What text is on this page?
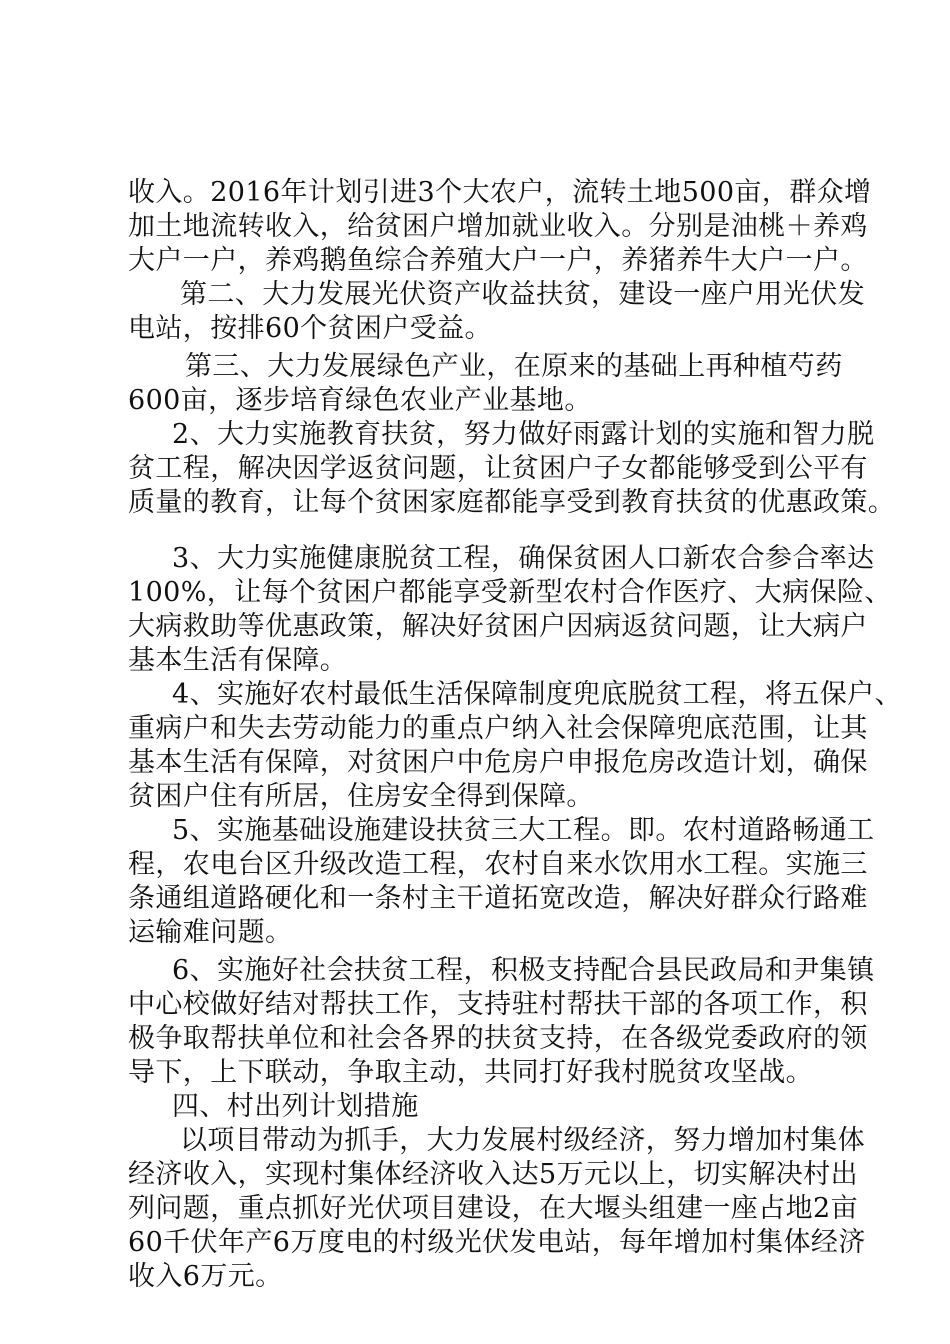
收入。2016年计划引进3个大农户，流转土地500亩，群众增
加土地流转收入，给贫困户增加就业收入。分别是油桃＋养鸡
大户一户，养鸡鹅鱼综合养殖大户一户，养猪养牛大户一户。
第二、大力发展光伏资产收益扶贫，建设一座户用光伏发
电站，按排60个贫困户受益。
第三、大力发展绿色产业，在原来的基础上再种植芍药
600亩，逐步培育绿色农业产业基地。
2、大力实施教育扶贫，努力做好雨露计划的实施和智力脱
贫工程，解决因学返贫问题，让贫困户子女都能够受到公平有
质量的教育，让每个贫困家庭都能享受到教育扶贫的优惠政策。
3、大力实施健康脱贫工程，确保贫困人口新农合参合率达
100%，让每个贫困户都能享受新型农村合作医疗、大病保险、
大病救助等优惠政策，解决好贫困户因病返贫问题，让大病户
基本生活有保障。
4、实施好农村最低生活保障制度兜底脱贫工程，将五保户、
重病户和失去劳动能力的重点户纳入社会保障兜底范围，让其
基本生活有保障，对贫困户中危房户申报危房改造计划，确保
贫困户住有所居，住房安全得到保障。
5、实施基础设施建设扶贫三大工程。即。农村道路畅通工
程，农电台区升级改造工程，农村自来水饮用水工程。实施三
条通组道路硬化和一条村主干道拓宽改造，解决好群众行路难
运输难问题。
6、实施好社会扶贫工程，积极支持配合县民政局和尹集镇
中心校做好结对帮扶工作，支持驻村帮扶干部的各项工作，积
极争取帮扶单位和社会各界的扶贫支持，在各级党委政府的领
导下，上下联动，争取主动，共同打好我村脱贫攻坚战。
四、村出列计划措施
以项目带动为抓手，大力发展村级经济，努力增加村集体
经济收入，实现村集体经济收入达5万元以上，切实解决村出
列问题，重点抓好光伏项目建设，在大堰头组建一座占地2亩
60千伏年产6万度电的村级光伏发电站，每年增加村集体经济
收入6万元。
